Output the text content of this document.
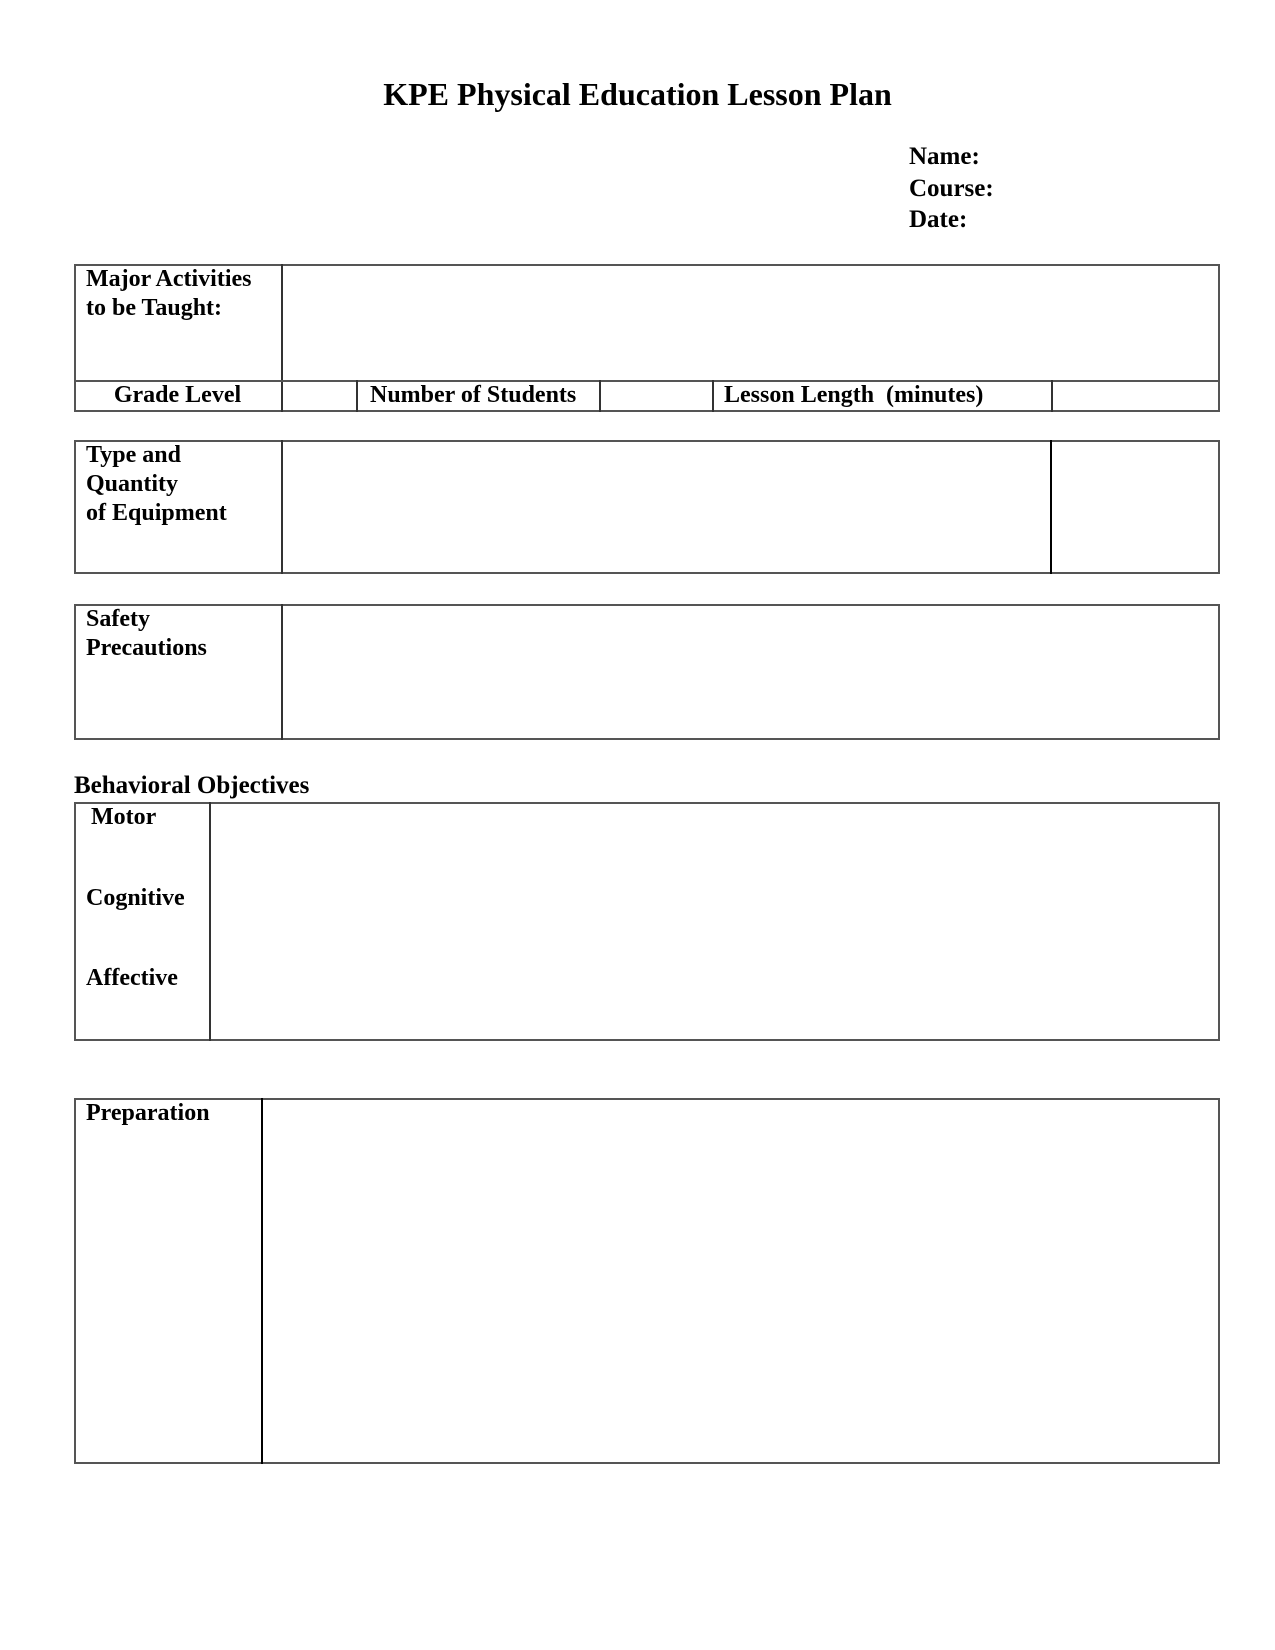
KPE Physical Education Lesson Plan
Name:
Course:
Date:
Major Activities
to be Taught:
Grade Level	Number of Students	Lesson Length  (minutes)
Type and
Quantity
of Equipment
Safety
Precautions
Behavioral Objectives
Motor
Cognitive
Affective
Preparation
